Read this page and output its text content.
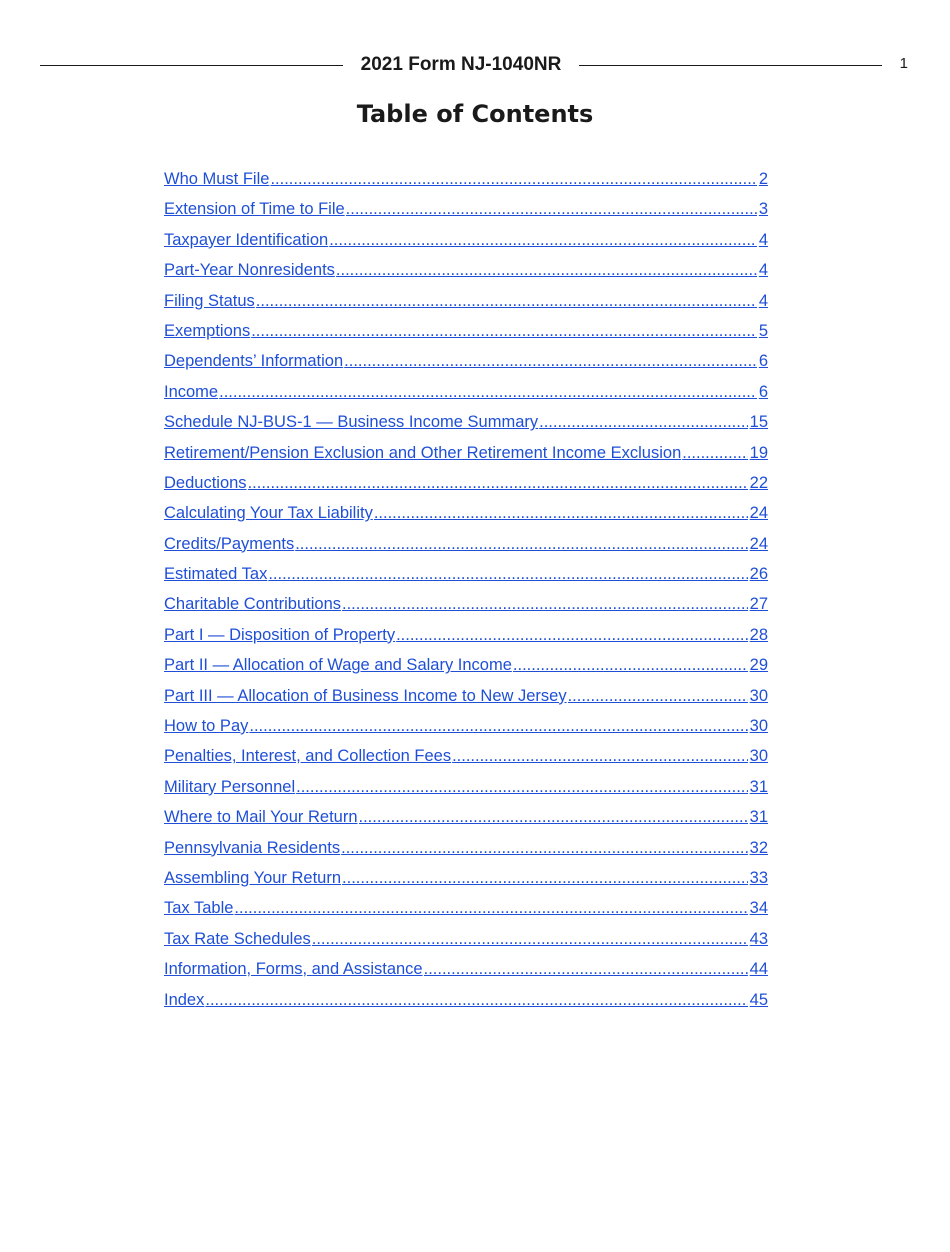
2021 Form NJ-1040NR	1
Table of Contents
Who Must File .....	2
Extension of Time to File .....	3
Taxpayer Identification .....	4
Part-Year Nonresidents .....	4
Filing Status .....	4
Exemptions .....	5
Dependents’ Information .....	6
Income .....	6
Schedule NJ-BUS-1 — Business Income Summary .....	15
Retirement/Pension Exclusion and Other Retirement Income Exclusion .....	19
Deductions .....	22
Calculating Your Tax Liability .....	24
Credits/Payments .....	24
Estimated Tax .....	26
Charitable Contributions .....	27
Part I — Disposition of Property .....	28
Part II — Allocation of Wage and Salary Income .....	29
Part III — Allocation of Business Income to New Jersey .....	30
How to Pay .....	30
Penalties, Interest, and Collection Fees .....	30
Military Personnel .....	31
Where to Mail Your Return .....	31
Pennsylvania Residents .....	32
Assembling Your Return .....	33
Tax Table .....	34
Tax Rate Schedules .....	43
Information, Forms, and Assistance .....	44
Index .....	45
